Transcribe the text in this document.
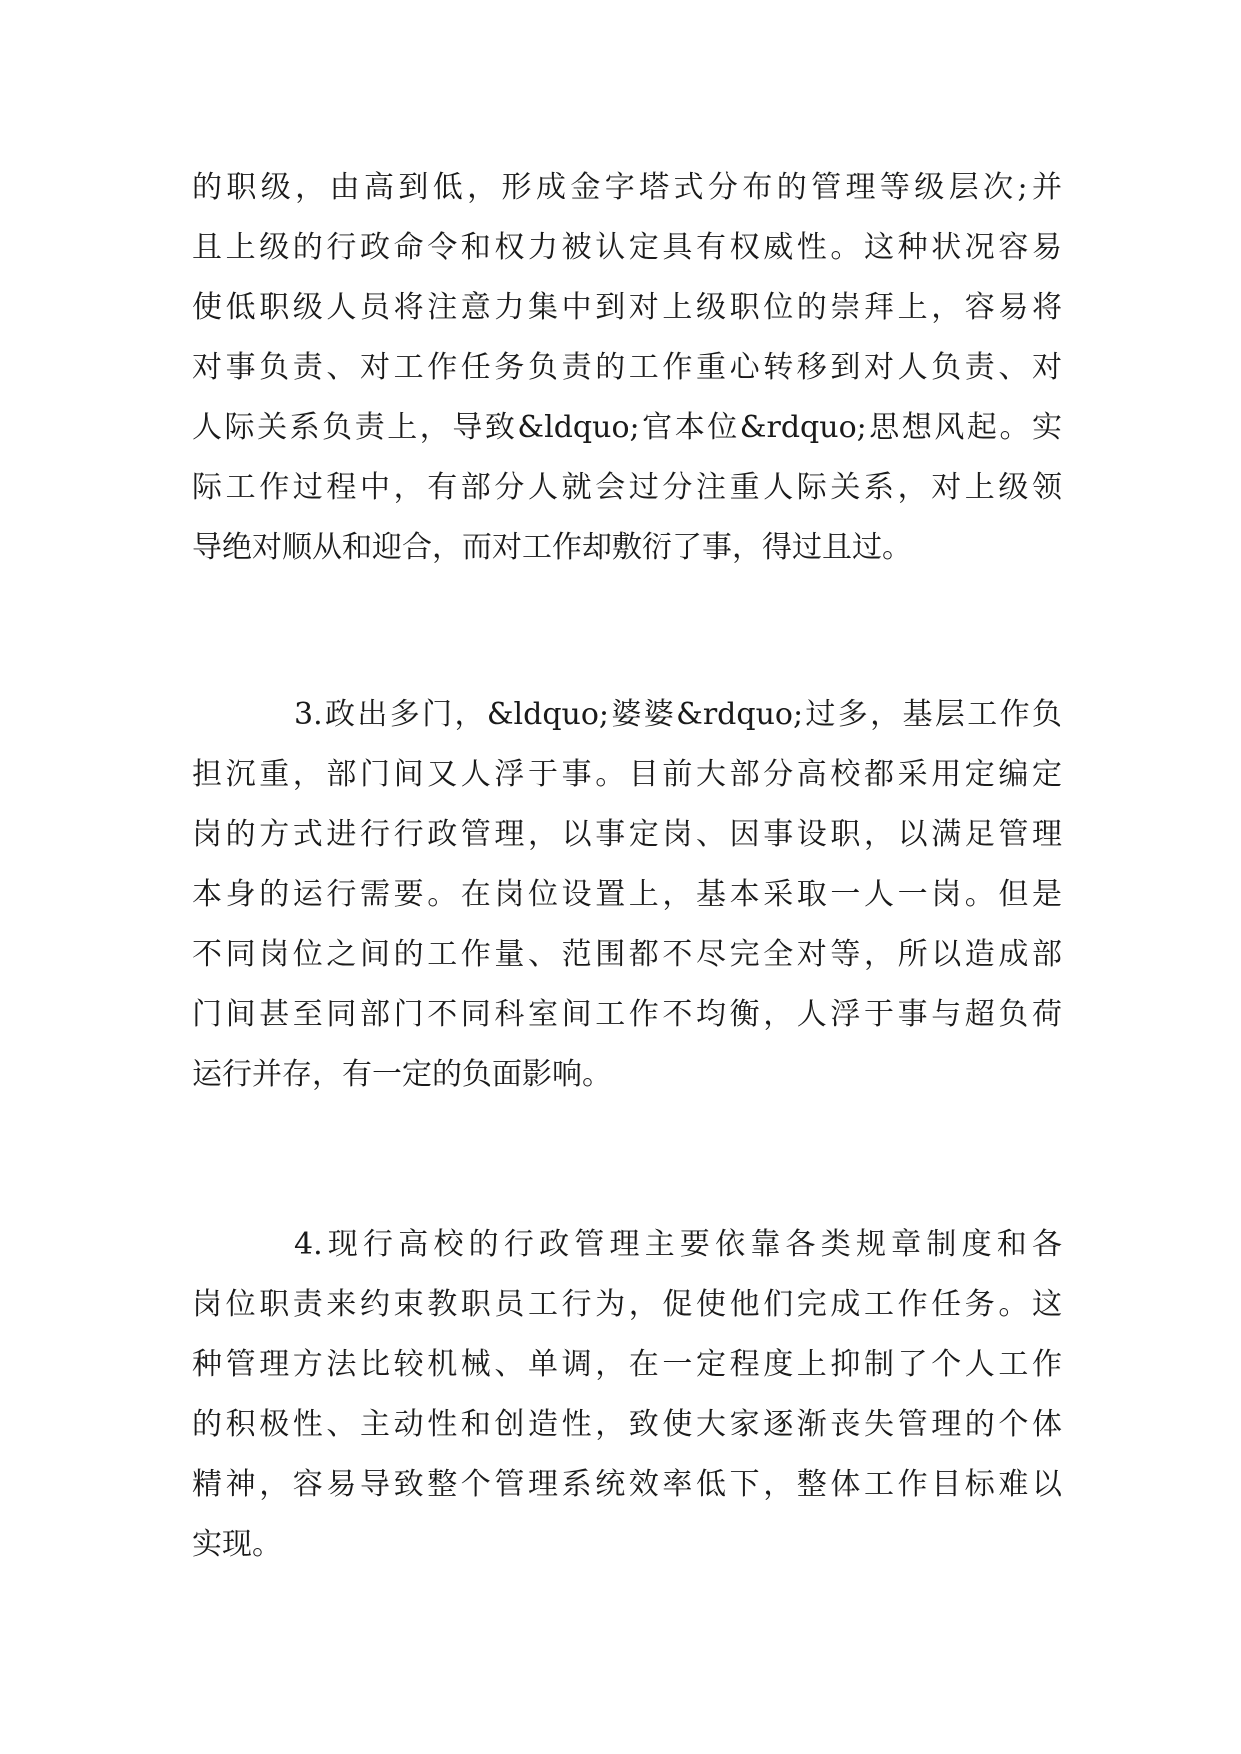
的职级，由高到低，形成金字塔式分布的管理等级层次;并
且上级的行政命令和权力被认定具有权威性。这种状况容易
使低职级人员将注意力集中到对上级职位的崇拜上，容易将
对事负责、对工作任务负责的工作重心转移到对人负责、对
人际关系负责上，导致&ldquo;官本位&rdquo;思想风起。实
际工作过程中，有部分人就会过分注重人际关系，对上级领
导绝对顺从和迎合，而对工作却敷衍了事，得过且过。
3.政出多门，&ldquo;婆婆&rdquo;过多，基层工作负
担沉重，部门间又人浮于事。目前大部分高校都采用定编定
岗的方式进行行政管理，以事定岗、因事设职，以满足管理
本身的运行需要。在岗位设置上，基本采取一人一岗。但是
不同岗位之间的工作量、范围都不尽完全对等，所以造成部
门间甚至同部门不同科室间工作不均衡，人浮于事与超负荷
运行并存，有一定的负面影响。
4.现行高校的行政管理主要依靠各类规章制度和各
岗位职责来约束教职员工行为，促使他们完成工作任务。这
种管理方法比较机械、单调，在一定程度上抑制了个人工作
的积极性、主动性和创造性，致使大家逐渐丧失管理的个体
精神，容易导致整个管理系统效率低下，整体工作目标难以
实现。
